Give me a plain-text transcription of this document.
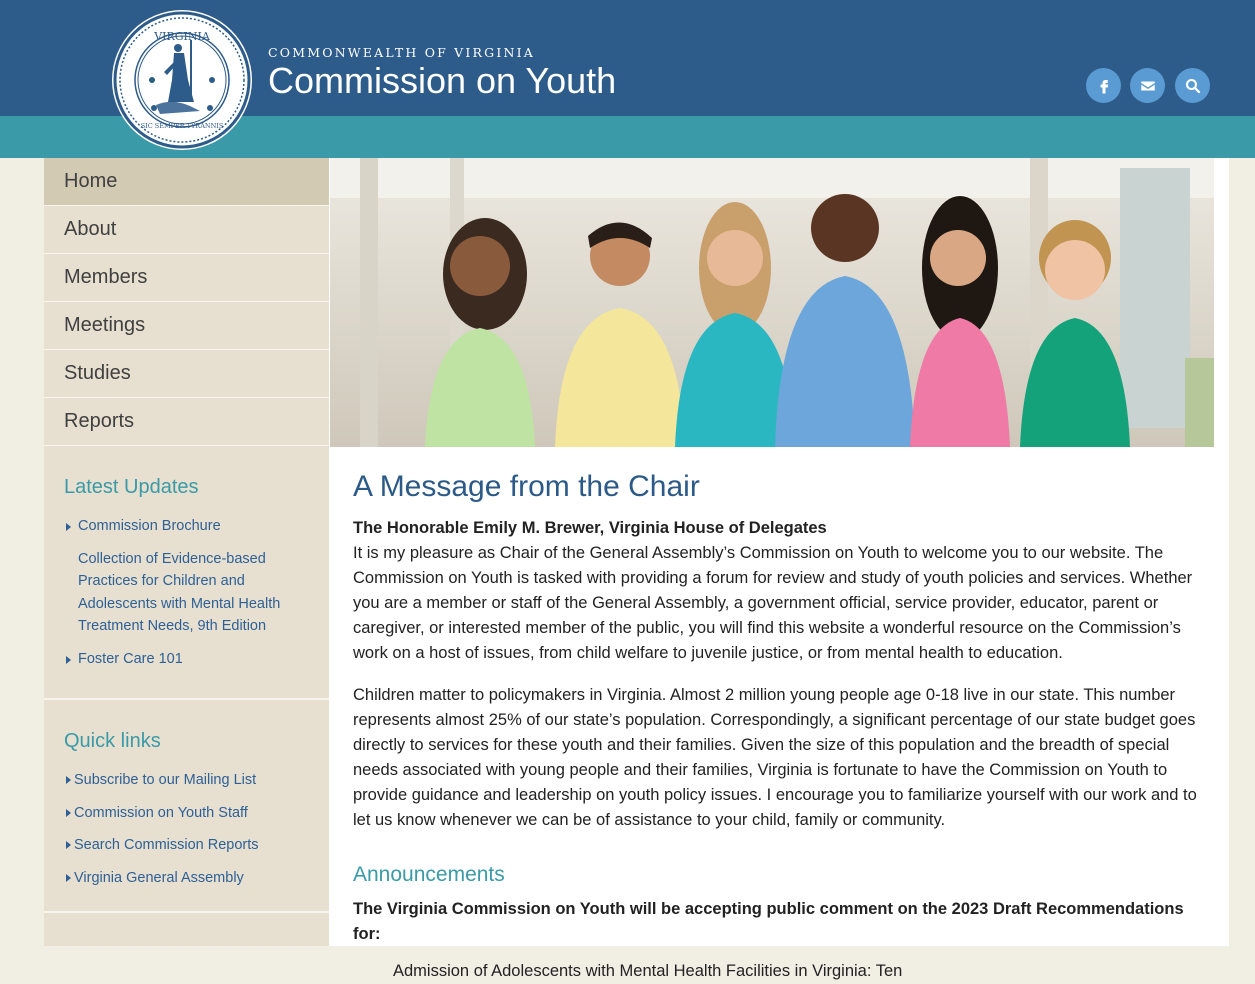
VIRGINIA
SIC SEMPER TYRANNIS
COMMONWEALTH OF VIRGINIA
Commission on Youth
Home
About
Members
Meetings
Studies
Reports
Latest Updates
Commission Brochure
Collection of Evidence-based Practices for Children and Adolescents with Mental Health Treatment Needs, 9th Edition
Foster Care 101
Quick links
Subscribe to our Mailing List
Commission on Youth Staff
Search Commission Reports
Virginia General Assembly
A Message from the Chair
The Honorable Emily M. Brewer, Virginia House of Delegates

It is my pleasure as Chair of the General Assembly’s Commission on Youth to welcome you to our website. The Commission on Youth is tasked with providing a forum for review and study of youth policies and services. Whether you are a member or staff of the General Assembly, a government official, service provider, educator, parent or caregiver, or interested member of the public, you will find this website a wonderful resource on the Commission’s work on a host of issues, from child welfare to juvenile justice, or from mental health to education.

Children matter to policymakers in Virginia. Almost 2 million young people age 0-18 live in our state. This number represents almost 25% of our state’s population. Correspondingly, a significant percentage of our state budget goes directly to services for these youth and their families. Given the size of this population and the breadth of special needs associated with young people and their families, Virginia is fortunate to have the Commission on Youth to provide guidance and leadership on youth policy issues. I encourage you to familiarize yourself with our work and to let us know whenever we can be of assistance to your child, family or community.

Announcements
The Virginia Commission on Youth will be accepting public comment on the 2023 Draft Recommendations for:
Admission of Adolescents with Mental Health Facilities in Virginia: Ten
